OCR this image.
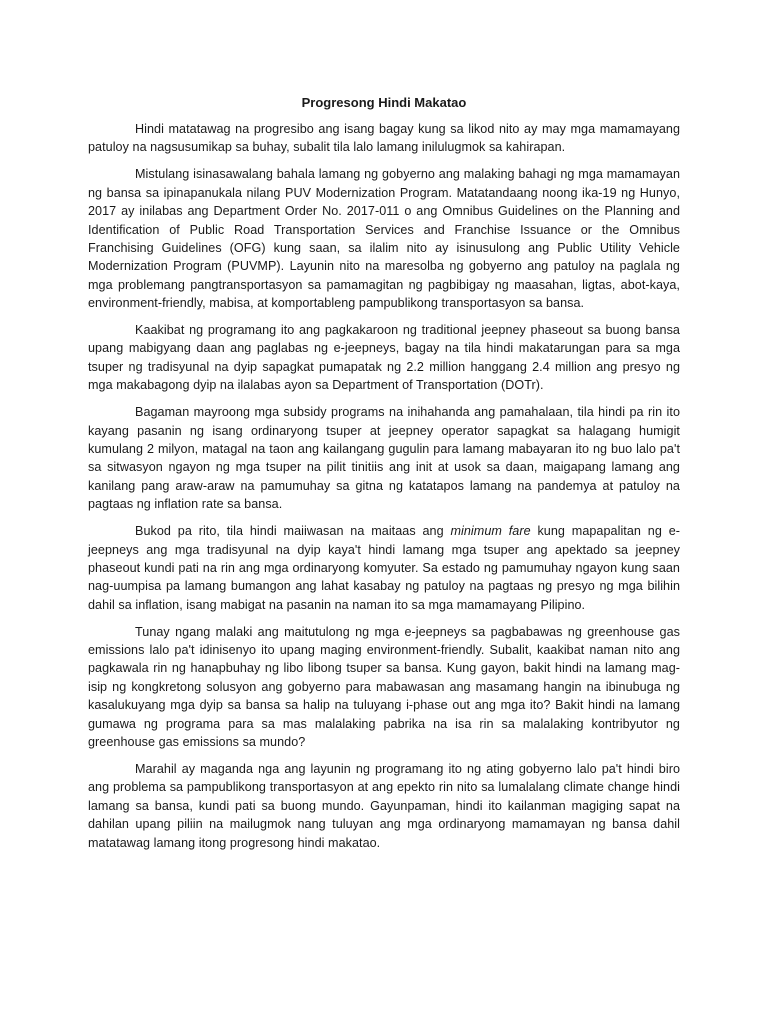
Progresong Hindi Makatao

Hindi matatawag na progresibo ang isang bagay kung sa likod nito ay may mga mamamayang patuloy na nagsusumikap sa buhay, subalit tila lalo lamang inilulugmok sa kahirapan.

Mistulang isinasawalang bahala lamang ng gobyerno ang malaking bahagi ng mga mamamayan ng bansa sa ipinapanukala nilang PUV Modernization Program. Matatandaang noong ika-19 ng Hunyo, 2017 ay inilabas ang Department Order No. 2017-011 o ang Omnibus Guidelines on the Planning and Identification of Public Road Transportation Services and Franchise Issuance or the Omnibus Franchising Guidelines (OFG) kung saan, sa ilalim nito ay isinusulong ang Public Utility Vehicle Modernization Program (PUVMP). Layunin nito na maresolba ng gobyerno ang patuloy na paglala ng mga problemang pangtransportasyon sa pamamagitan ng pagbibigay ng maasahan, ligtas, abot-kaya, environment-friendly, mabisa, at komportableng pampublikong transportasyon sa bansa.

Kaakibat ng programang ito ang pagkakaroon ng traditional jeepney phaseout sa buong bansa upang mabigyang daan ang paglabas ng e-jeepneys, bagay na tila hindi makatarungan para sa mga tsuper ng tradisyunal na dyip sapagkat pumapatak ng 2.2 million hanggang 2.4 million ang presyo ng mga makabagong dyip na ilalabas ayon sa Department of Transportation (DOTr).

Bagaman mayroong mga subsidy programs na inihahanda ang pamahalaan, tila hindi pa rin ito kayang pasanin ng isang ordinaryong tsuper at jeepney operator sapagkat sa halagang humigit kumulang 2 milyon, matagal na taon ang kailangang gugulin para lamang mabayaran ito ng buo lalo pa't sa sitwasyon ngayon ng mga tsuper na pilit tinitiis ang init at usok sa daan, maigapang lamang ang kanilang pang araw-araw na pamumuhay sa gitna ng katatapos lamang na pandemya at patuloy na pagtaas ng inflation rate sa bansa.

Bukod pa rito, tila hindi maiiwasan na maitaas ang minimum fare kung mapapalitan ng e-jeepneys ang mga tradisyunal na dyip kaya't hindi lamang mga tsuper ang apektado sa jeepney phaseout kundi pati na rin ang mga ordinaryong komyuter. Sa estado ng pamumuhay ngayon kung saan nag-uumpisa pa lamang bumangon ang lahat kasabay ng patuloy na pagtaas ng presyo ng mga bilihin dahil sa inflation, isang mabigat na pasanin na naman ito sa mga mamamayang Pilipino.

Tunay ngang malaki ang maitutulong ng mga e-jeepneys sa pagbabawas ng greenhouse gas emissions lalo pa't idinisenyo ito upang maging environment-friendly. Subalit, kaakibat naman nito ang pagkawala rin ng hanapbuhay ng libo libong tsuper sa bansa. Kung gayon, bakit hindi na lamang mag-isip ng kongkretong solusyon ang gobyerno para mabawasan ang masamang hangin na ibinubuga ng kasalukuyang mga dyip sa bansa sa halip na tuluyang i-phase out ang mga ito? Bakit hindi na lamang gumawa ng programa para sa mas malalaking pabrika na isa rin sa malalaking kontribyutor ng greenhouse gas emissions sa mundo?

Marahil ay maganda nga ang layunin ng programang ito ng ating gobyerno lalo pa't hindi biro ang problema sa pampublikong transportasyon at ang epekto rin nito sa lumalalang climate change hindi lamang sa bansa, kundi pati sa buong mundo. Gayunpaman, hindi ito kailanman magiging sapat na dahilan upang piliin na mailugmok nang tuluyan ang mga ordinaryong mamamayan ng bansa dahil matatawag lamang itong progresong hindi makatao.
